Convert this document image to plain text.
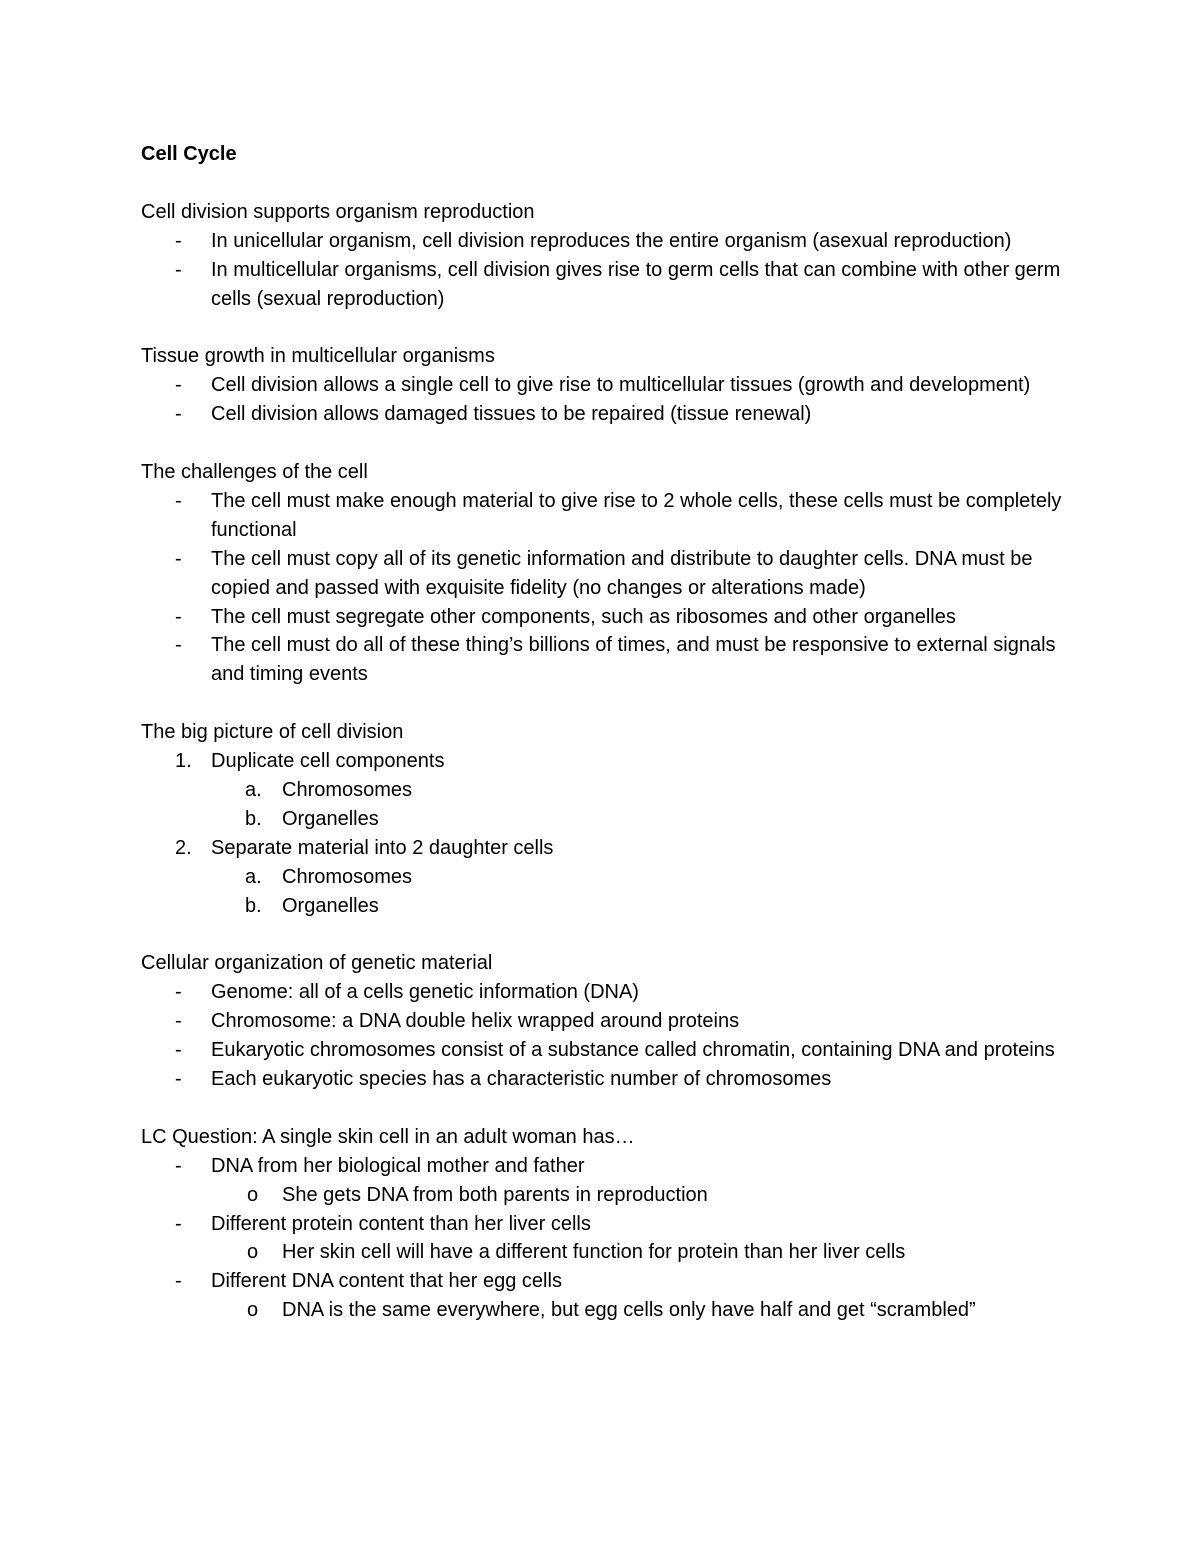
Cell Cycle
Cell division supports organism reproduction
-	In unicellular organism, cell division reproduces the entire organism (asexual reproduction)
-	In multicellular organisms, cell division gives rise to germ cells that can combine with other germ cells (sexual reproduction)
Tissue growth in multicellular organisms
-	Cell division allows a single cell to give rise to multicellular tissues (growth and development)
-	Cell division allows damaged tissues to be repaired (tissue renewal)
The challenges of the cell
-	The cell must make enough material to give rise to 2 whole cells, these cells must be completely functional
-	The cell must copy all of its genetic information and distribute to daughter cells. DNA must be copied and passed with exquisite fidelity (no changes or alterations made)
-	The cell must segregate other components, such as ribosomes and other organelles
-	The cell must do all of these thing’s billions of times, and must be responsive to external signals and timing events
The big picture of cell division
1. Duplicate cell components
a.	Chromosomes
b.	Organelles
2. Separate material into 2 daughter cells
a.	Chromosomes
b.	Organelles
Cellular organization of genetic material
-	Genome: all of a cells genetic information (DNA)
-	Chromosome: a DNA double helix wrapped around proteins
-	Eukaryotic chromosomes consist of a substance called chromatin, containing DNA and proteins
-	Each eukaryotic species has a characteristic number of chromosomes
LC Question: A single skin cell in an adult woman has…
-	DNA from her biological mother and father
o	She gets DNA from both parents in reproduction
-	Different protein content than her liver cells
o	Her skin cell will have a different function for protein than her liver cells
-	Different DNA content that her egg cells
o	DNA is the same everywhere, but egg cells only have half and get “scrambled”
